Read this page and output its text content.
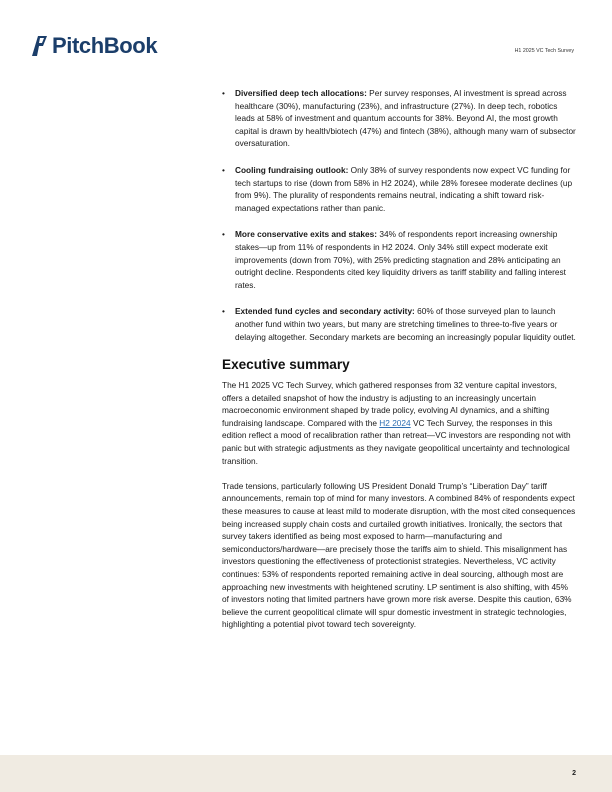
PitchBook	H1 2025 VC Tech Survey
• Diversified deep tech allocations: Per survey responses, AI investment is spread across healthcare (30%), manufacturing (23%), and infrastructure (27%). In deep tech, robotics leads at 58% of investment and quantum accounts for 38%. Beyond AI, the most growth capital is drawn by health/biotech (47%) and fintech (38%), although many warn of subsector oversaturation.
• Cooling fundraising outlook: Only 38% of survey respondents now expect VC funding for tech startups to rise (down from 58% in H2 2024), while 28% foresee moderate declines (up from 9%). The plurality of respondents remains neutral, indicating a shift toward risk-managed expectations rather than panic.
• More conservative exits and stakes: 34% of respondents report increasing ownership stakes—up from 11% of respondents in H2 2024. Only 34% still expect moderate exit improvements (down from 70%), with 25% predicting stagnation and 28% anticipating an outright decline. Respondents cited key liquidity drivers as tariff stability and falling interest rates.
• Extended fund cycles and secondary activity: 60% of those surveyed plan to launch another fund within two years, but many are stretching timelines to three-to-five years or delaying altogether. Secondary markets are becoming an increasingly popular liquidity outlet.
Executive summary

The H1 2025 VC Tech Survey, which gathered responses from 32 venture capital investors, offers a detailed snapshot of how the industry is adjusting to an increasingly uncertain macroeconomic environment shaped by trade policy, evolving AI dynamics, and a shifting fundraising landscape. Compared with the H2 2024 VC Tech Survey, the responses in this edition reflect a mood of recalibration rather than retreat—VC investors are responding not with panic but with strategic adjustments as they navigate geopolitical uncertainty and technological transition.

Trade tensions, particularly following US President Donald Trump’s “Liberation Day” tariff announcements, remain top of mind for many investors. A combined 84% of respondents expect these measures to cause at least mild to moderate disruption, with the most cited consequences being increased supply chain costs and curtailed growth initiatives. Ironically, the sectors that survey takers identified as being most exposed to harm—manufacturing and semiconductors/hardware—are precisely those the tariffs aim to shield. This misalignment has investors questioning the effectiveness of protectionist strategies. Nevertheless, VC activity continues: 53% of respondents reported remaining active in deal sourcing, although most are approaching new investments with heightened scrutiny. LP sentiment is also shifting, with 45% of investors noting that limited partners have grown more risk averse. Despite this caution, 63% believe the current geopolitical climate will spur domestic investment in strategic technologies, highlighting a potential pivot toward tech sovereignty.

2
